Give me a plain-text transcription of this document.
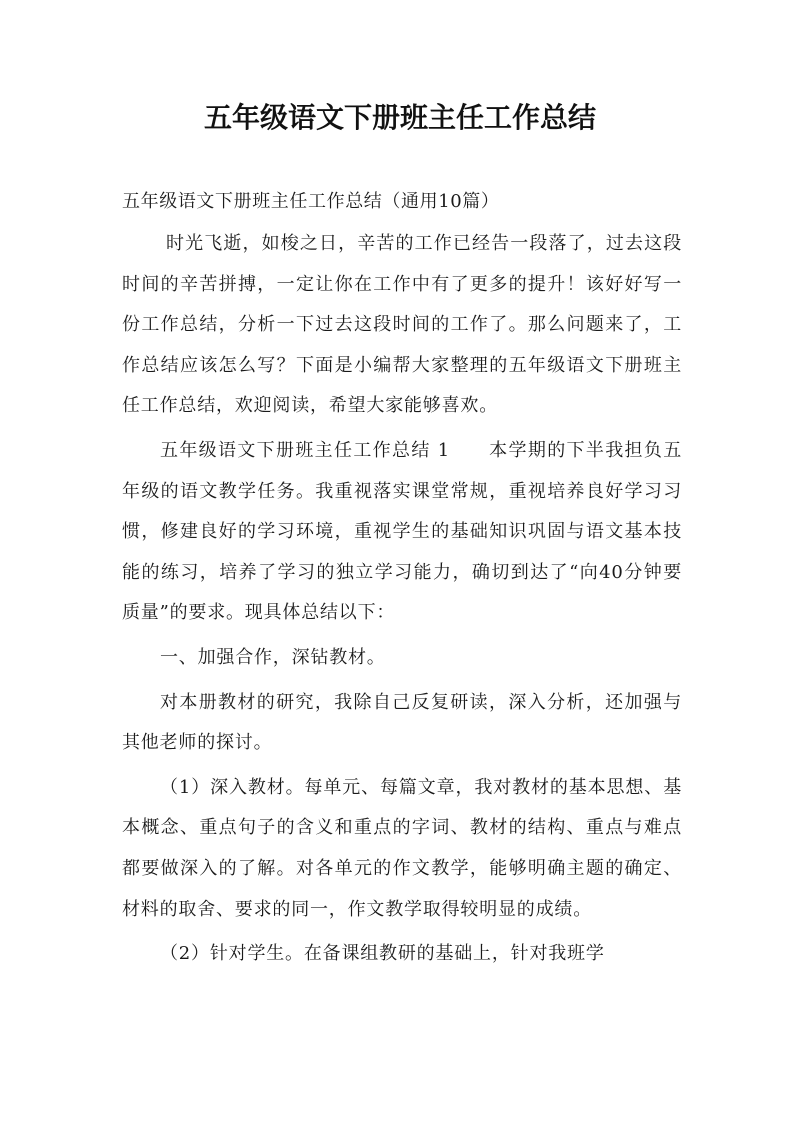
五年级语文下册班主任工作总结
五年级语文下册班主任工作总结（通用10篇）

时光飞逝，如梭之日，辛苦的工作已经告一段落了，过去这段时间的辛苦拼搏，一定让你在工作中有了更多的提升！该好好写一份工作总结，分析一下过去这段时间的工作了。那么问题来了，工作总结应该怎么写？下面是小编帮大家整理的五年级语文下册班主任工作总结，欢迎阅读，希望大家能够喜欢。

五年级语文下册班主任工作总结 1　　本学期的下半我担负五年级的语文教学任务。我重视落实课堂常规，重视培养良好学习习惯，修建良好的学习环境，重视学生的基础知识巩固与语文基本技能的练习，培养了学习的独立学习能力，确切到达了“向40分钟要质量”的要求。现具体总结以下：

一、加强合作，深钻教材。

对本册教材的研究，我除自己反复研读，深入分析，还加强与其他老师的探讨。

（1）深入教材。每单元、每篇文章，我对教材的基本思想、基本概念、重点句子的含义和重点的字词、教材的结构、重点与难点都要做深入的了解。对各单元的作文教学，能够明确主题的确定、材料的取舍、要求的同一，作文教学取得较明显的成绩。

（2）针对学生。在备课组教研的基础上，针对我班学
